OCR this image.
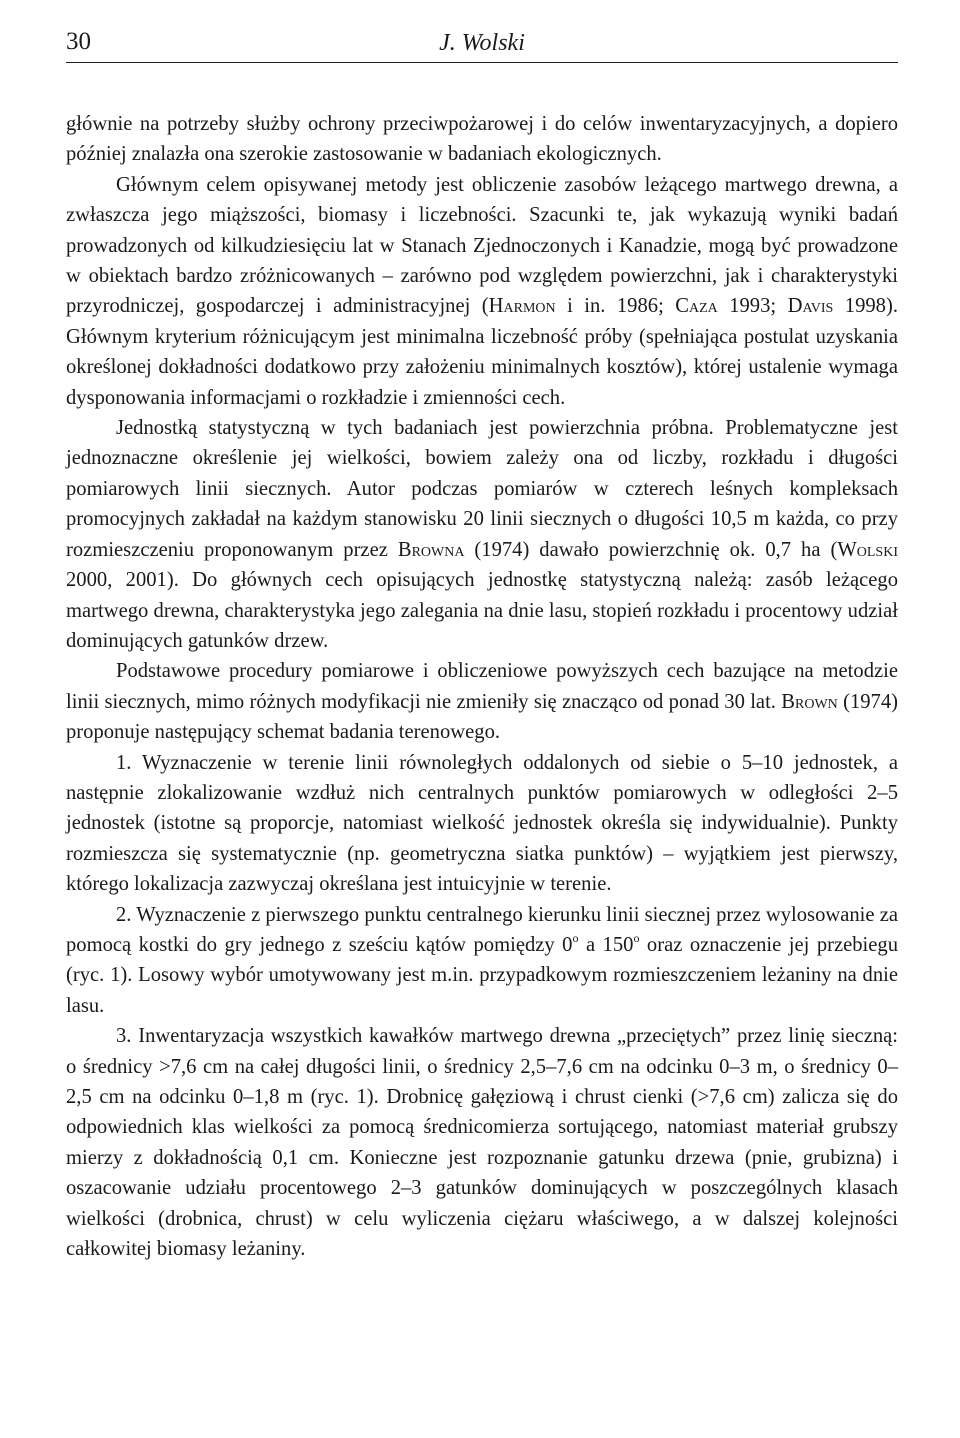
30	J. Wolski

głównie na potrzeby służby ochrony przeciwpożarowej i do celów inwentaryzacyjnych, a dopiero później znalazła ona szerokie zastosowanie w badaniach ekologicznych.

Głównym celem opisywanej metody jest obliczenie zasobów leżącego martwego drewna, a zwłaszcza jego miąższości, biomasy i liczebności. Szacunki te, jak wykazują wyniki badań prowadzonych od kilkudziesięciu lat w Stanach Zjednoczonych i Kanadzie, mogą być prowadzone w obiektach bardzo zróżnicowanych – zarówno pod względem powierzchni, jak i charakterystyki przyrodniczej, gospodarczej i administracyjnej (Harmon i in. 1986; Caza 1993; Davis 1998). Głównym kryterium różnicującym jest minimalna liczebność próby (spełniająca postulat uzyskania określonej dokładności dodatkowo przy założeniu minimalnych kosztów), której ustalenie wymaga dysponowania informacjami o rozkładzie i zmienności cech.

Jednostką statystyczną w tych badaniach jest powierzchnia próbna. Problematyczne jest jednoznaczne określenie jej wielkości, bowiem zależy ona od liczby, rozkładu i długości pomiarowych linii siecznych. Autor podczas pomiarów w czterech leśnych kompleksach promocyjnych zakładał na każdym stanowisku 20 linii siecznych o długości 10,5 m każda, co przy rozmieszczeniu proponowanym przez Browna (1974) dawało powierzchnię ok. 0,7 ha (Wolski 2000, 2001). Do głównych cech opisujących jednostkę statystyczną należą: zasób leżącego martwego drewna, charakterystyka jego zalegania na dnie lasu, stopień rozkładu i procentowy udział dominujących gatunków drzew.

Podstawowe procedury pomiarowe i obliczeniowe powyższych cech bazujące na metodzie linii siecznych, mimo różnych modyfikacji nie zmieniły się znacząco od ponad 30 lat. Brown (1974) proponuje następujący schemat badania terenowego.

1. Wyznaczenie w terenie linii równoległych oddalonych od siebie o 5–10 jednostek, a następnie zlokalizowanie wzdłuż nich centralnych punktów pomiarowych w odległości 2–5 jednostek (istotne są proporcje, natomiast wielkość jednostek określa się indywidualnie). Punkty rozmieszcza się systematycznie (np. geometryczna siatka punktów) – wyjątkiem jest pierwszy, którego lokalizacja zazwyczaj określana jest intuicyjnie w terenie.

2. Wyznaczenie z pierwszego punktu centralnego kierunku linii siecznej przez wylosowanie za pomocą kostki do gry jednego z sześciu kątów pomiędzy 0$^o$ a 150$^o$ oraz oznaczenie jej przebiegu (ryc. 1). Losowy wybór umotywowany jest m.in. przypadkowym rozmieszczeniem leżaniny na dnie lasu.

3. Inwentaryzacja wszystkich kawałków martwego drewna „przeciętych” przez linię sieczną: o średnicy >7,6 cm na całej długości linii, o średnicy 2,5–7,6 cm na odcinku 0–3 m, o średnicy 0–2,5 cm na odcinku 0–1,8 m (ryc. 1). Drobnicę gałęziową i chrust cienki (>7,6 cm) zalicza się do odpowiednich klas wielkości za pomocą średnicomierza sortującego, natomiast materiał grubszy mierzy z dokładnością 0,1 cm. Konieczne jest rozpoznanie gatunku drzewa (pnie, grubizna) i oszacowanie udziału procentowego 2–3 gatunków dominujących w poszczególnych klasach wielkości (drobnica, chrust) w celu wyliczenia ciężaru właściwego, a w dalszej kolejności całkowitej biomasy leżaniny.
